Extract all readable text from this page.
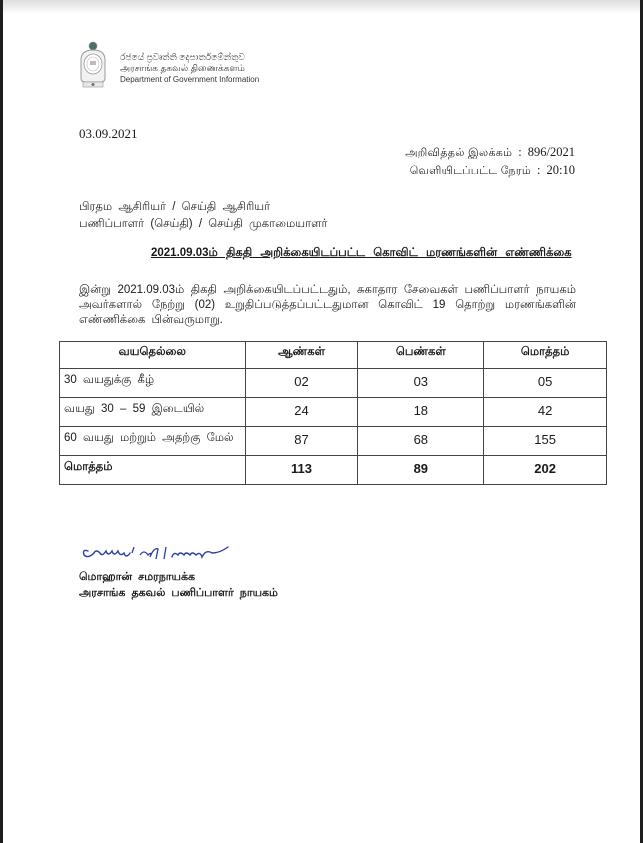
රජයේ ප්‍රවෘත්ති දෙපාර්තමේන්තුව
அரசாங்க தகவல் திணைக்களம்
Department of Government Information
03.09.2021
அறிவித்தல் இலக்கம் : 896/2021
வெளியிடப்பட்ட நேரம் : 20:10
பிரதம ஆசிரியர் / செய்தி ஆசிரியர்
பணிப்பாளர் (செய்தி) / செய்தி முகாமையாளர்
2021.09.03ம் திகதி அறிக்கையிடப்பட்ட கொவிட் மரணங்களின் எண்ணிக்கை
இன்று 2021.09.03ம் திகதி அறிக்கையிடப்பட்டதும், சுகாதார சேவைகள் பணிப்பாளர் நாயகம் அவர்களால் நேற்று (02) உறுதிப்படுத்தப்பட்டதுமான கொவிட் 19 தொற்று மரணங்களின் எண்ணிக்கை பின்வருமாறு.
வயதெல்லை	ஆண்கள்	பெண்கள்	மொத்தம்
30 வயதுக்கு கீழ்	02	03	05
வயது 30 – 59 இடையில்	24	18	42
60 வயது மற்றும் அதற்கு மேல்	87	68	155
மொத்தம்	113	89	202
மொஹான் சமரநாயக்க
அரசாங்க தகவல் பணிப்பாளர் நாயகம்
